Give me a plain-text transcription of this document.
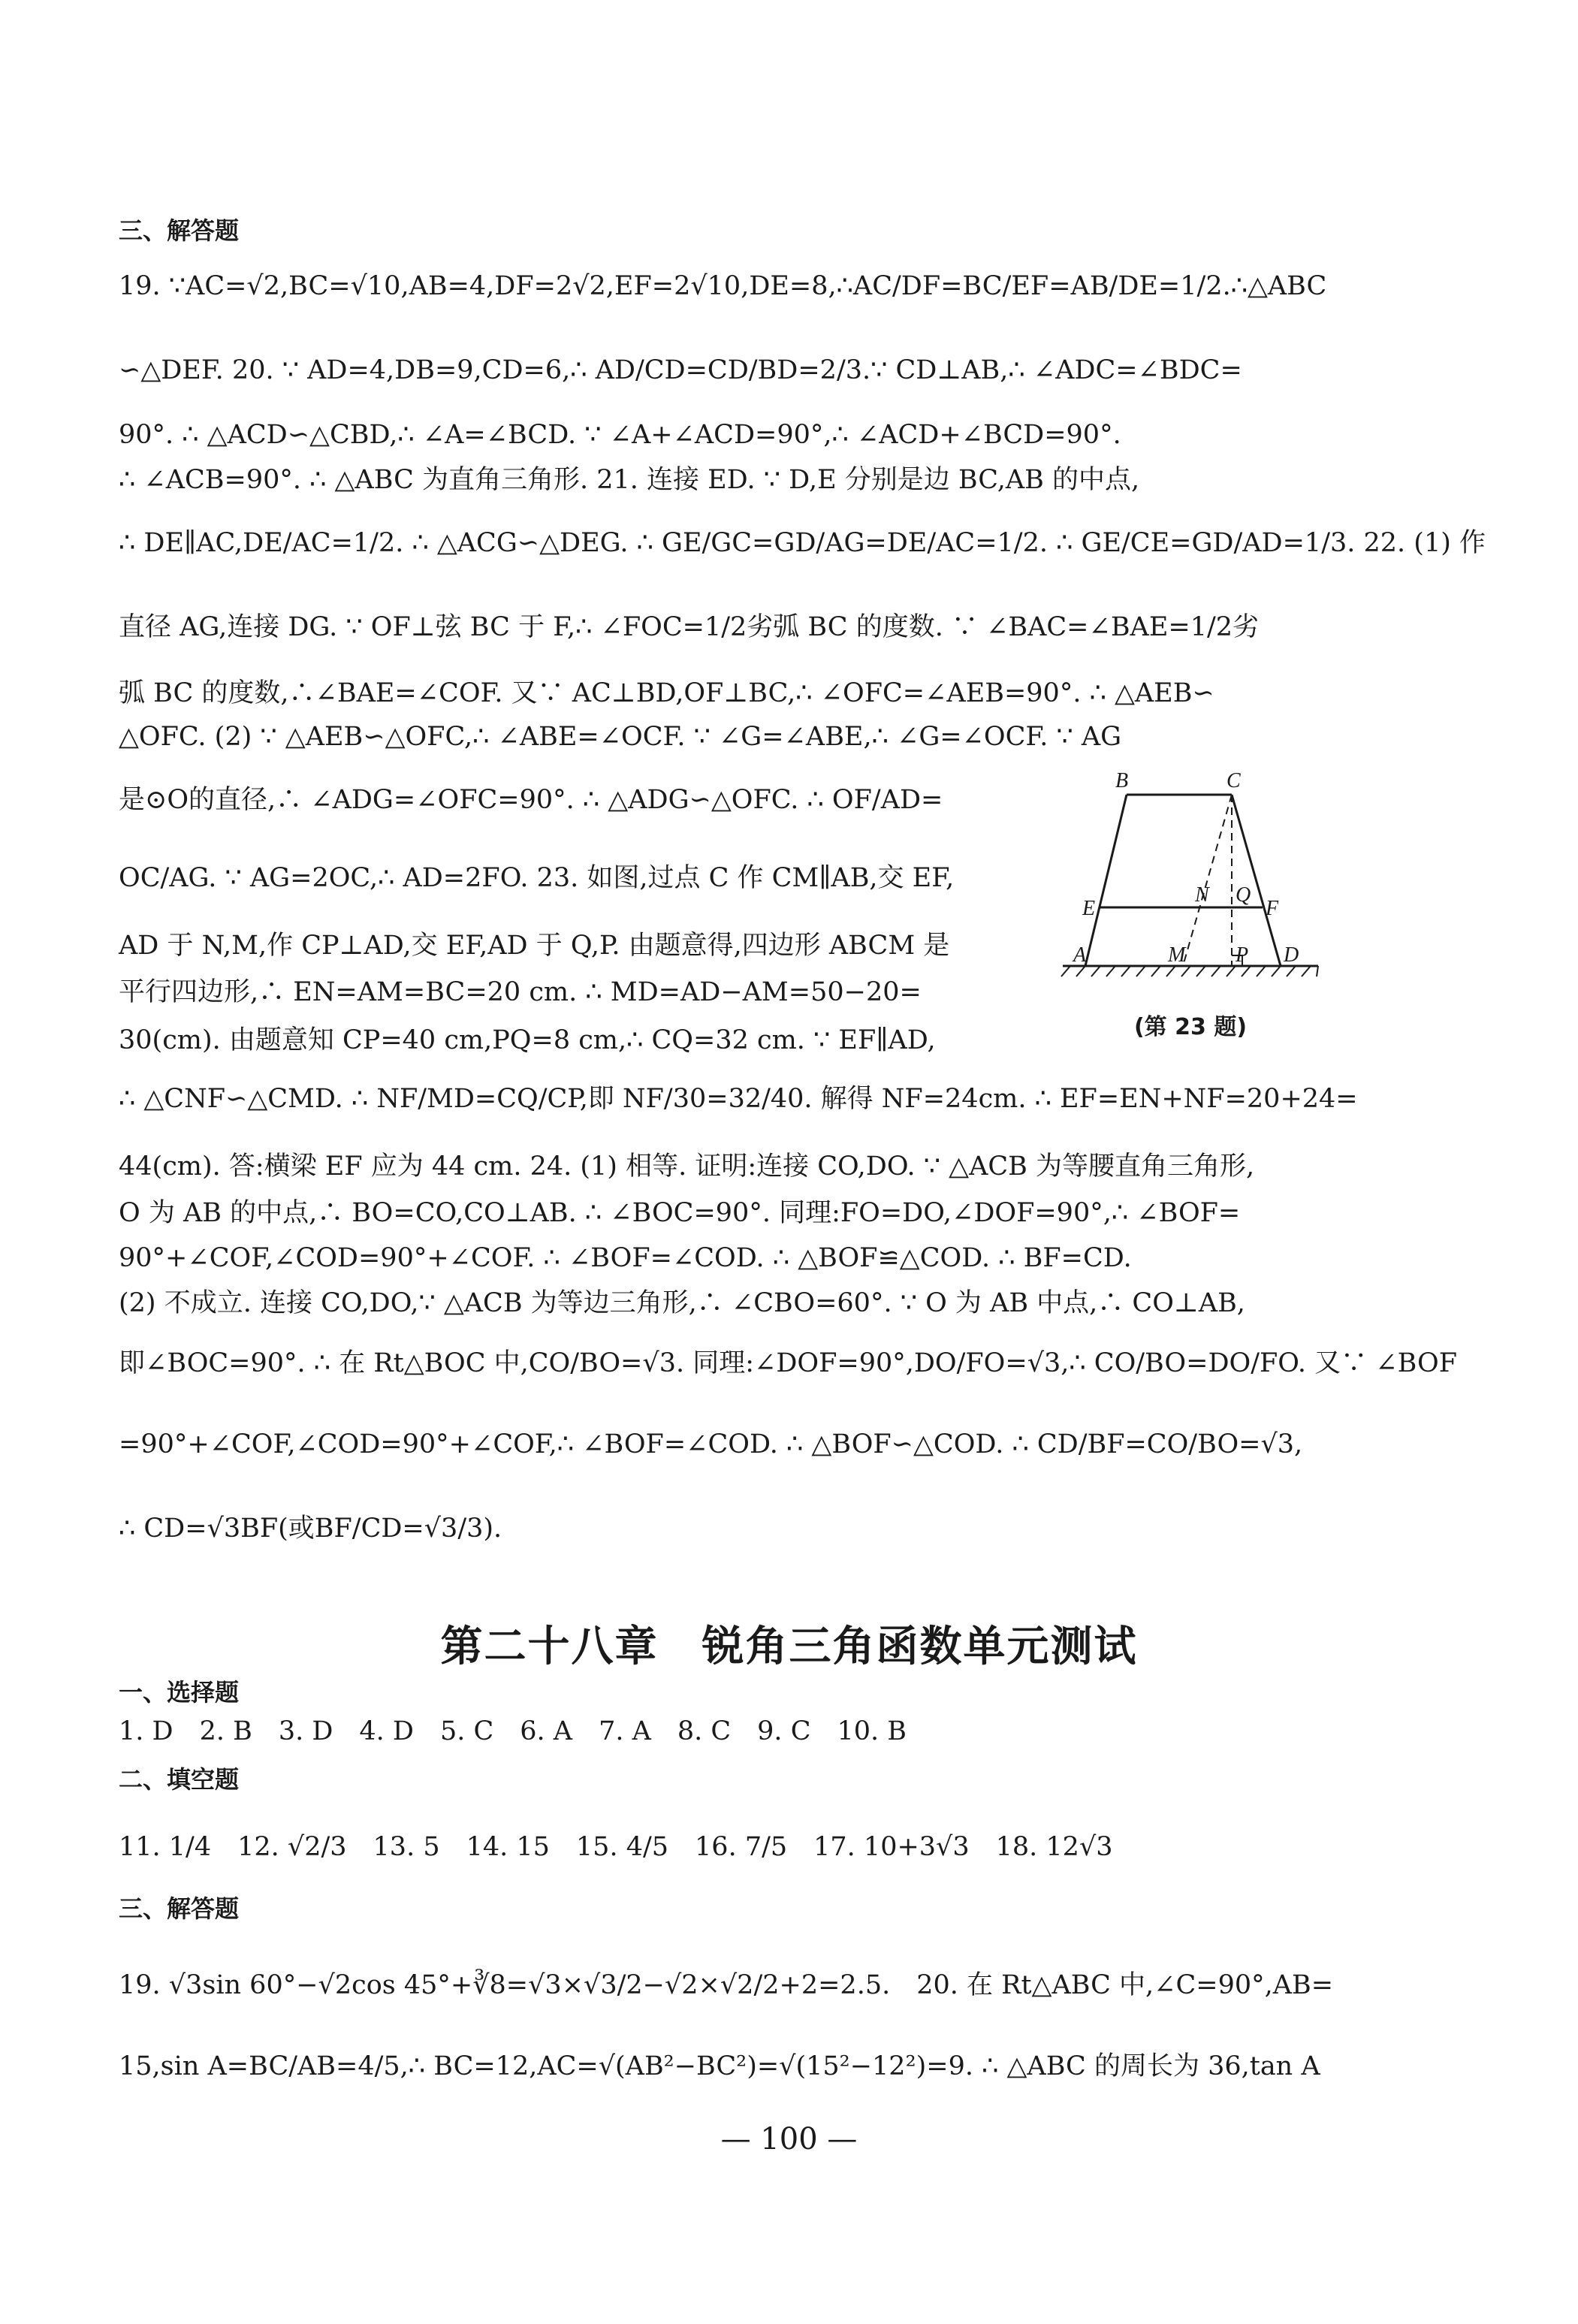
三、解答题
19. ∵AC=√2,BC=√10,AB=4,DF=2√2,EF=2√10,DE=8,∴AC/DF=BC/EF=AB/DE=1/2.∴△ABC
∽△DEF. 20. ∵ AD=4,DB=9,CD=6,∴ AD/CD=CD/BD=2/3.∵ CD⊥AB,∴ ∠ADC=∠BDC=
90°. ∴ △ACD∽△CBD,∴ ∠A=∠BCD. ∵ ∠A+∠ACD=90°,∴ ∠ACD+∠BCD=90°.
∴ ∠ACB=90°. ∴ △ABC 为直角三角形. 21. 连接 ED. ∵ D,E 分别是边 BC,AB 的中点,
∴ DE∥AC,DE/AC=1/2. ∴ △ACG∽△DEG. ∴ GE/GC=GD/AG=DE/AC=1/2. ∴ GE/CE=GD/AD=1/3. 22. (1) 作
直径 AG,连接 DG. ∵ OF⊥弦 BC 于 F,∴ ∠FOC=1/2劣弧 BC 的度数. ∵ ∠BAC=∠BAE=1/2劣
弧 BC 的度数,∴∠BAE=∠COF. 又∵ AC⊥BD,OF⊥BC,∴ ∠OFC=∠AEB=90°. ∴ △AEB∽
△OFC. (2) ∵ △AEB∽△OFC,∴ ∠ABE=∠OCF. ∵ ∠G=∠ABE,∴ ∠G=∠OCF. ∵ AG
是⊙O的直径,∴ ∠ADG=∠OFC=90°. ∴ △ADG∽△OFC. ∴ OF/AD=
OC/AG. ∵ AG=2OC,∴ AD=2FO. 23. 如图,过点 C 作 CM∥AB,交 EF,
AD 于 N,M,作 CP⊥AD,交 EF,AD 于 Q,P. 由题意得,四边形 ABCM 是
平行四边形,∴ EN=AM=BC=20 cm. ∴ MD=AD−AM=50−20=
30(cm). 由题意知 CP=40 cm,PQ=8 cm,∴ CQ=32 cm. ∵ EF∥AD,
∴ △CNF∽△CMD. ∴ NF/MD=CQ/CP,即 NF/30=32/40. 解得 NF=24cm. ∴ EF=EN+NF=20+24=
44(cm). 答:横梁 EF 应为 44 cm. 24. (1) 相等. 证明:连接 CO,DO. ∵ △ACB 为等腰直角三角形,
O 为 AB 的中点,∴ BO=CO,CO⊥AB. ∴ ∠BOC=90°. 同理:FO=DO,∠DOF=90°,∴ ∠BOF=
90°+∠COF,∠COD=90°+∠COF. ∴ ∠BOF=∠COD. ∴ △BOF≌△COD. ∴ BF=CD.
(2) 不成立. 连接 CO,DO,∵ △ACB 为等边三角形,∴ ∠CBO=60°. ∵ O 为 AB 中点,∴ CO⊥AB,
即∠BOC=90°. ∴ 在 Rt△BOC 中,CO/BO=√3. 同理:∠DOF=90°,DO/FO=√3,∴ CO/BO=DO/FO. 又∵ ∠BOF
=90°+∠COF,∠COD=90°+∠COF,∴ ∠BOF=∠COD. ∴ △BOF∽△COD. ∴ CD/BF=CO/BO=√3,
∴ CD=√3BF(或BF/CD=√3/3).
B	C
E	F
N Q
A	M P D
(第 23 题)
第二十八章　锐角三角函数单元测试
一、选择题
1. D　2. B　3. D　4. D　5. C　6. A　7. A　8. C　9. C　10. B
二、填空题
11. 1/4　12. √2/3　13. 5　14. 15　15. 4/5　16. 7/5　17. 10+3√3　18. 12√3
三、解答题
19. √3sin 60°−√2cos 45°+∛8=√3×√3/2−√2×√2/2+2=2.5.　20. 在 Rt△ABC 中,∠C=90°,AB=
15,sin A=BC/AB=4/5,∴ BC=12,AC=√(AB²−BC²)=√(15²−12²)=9. ∴ △ABC 的周长为 36,tan A
— 100 —
